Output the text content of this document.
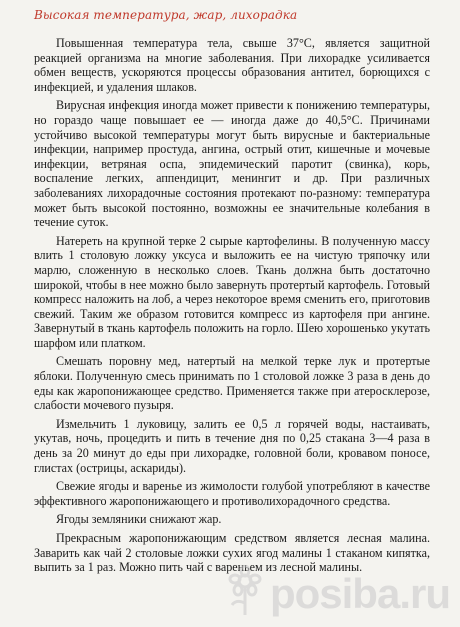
Высокая температура, жар, лихорадка

Повышенная температура тела, свыше 37°С, является защитной реакцией организма на многие заболевания. При лихорадке усиливается обмен веществ, ускоряются процессы образования антител, борющихся с инфекцией, и удаления шлаков.

Вирусная инфекция иногда может привести к понижению температуры, но гораздо чаще повышает ее — иногда даже до 40,5°С. Причинами устойчиво высокой температуры могут быть вирусные и бактериальные инфекции, например простуда, ангина, острый отит, кишечные и мочевые инфекции, ветряная оспа, эпидемический паротит (свинка), корь, воспаление легких, аппендицит, менингит и др. При различных заболеваниях лихорадочные состояния протекают по-разному: температура может быть высокой постоянно, возможны ее значительные колебания в течение суток.

Натереть на крупной терке 2 сырые картофелины. В полученную массу влить 1 столовую ложку уксуса и выложить ее на чистую тряпочку или марлю, сложенную в несколько слоев. Ткань должна быть достаточно широкой, чтобы в нее можно было завернуть протертый картофель. Готовый компресс наложить на лоб, а через некоторое время сменить его, приготовив свежий. Таким же образом готовится компресс из картофеля при ангине. Завернутый в ткань картофель положить на горло. Шею хорошенько укутать шарфом или платком.

Смешать поровну мед, натертый на мелкой терке лук и протертые яблоки. Полученную смесь принимать по 1 столовой ложке 3 раза в день до еды как жаропонижающее средство. Применяется также при атеросклерозе, слабости мочевого пузыря.

Измельчить 1 луковицу, залить ее 0,5 л горячей воды, настаивать, укутав, ночь, процедить и пить в течение дня по 0,25 стакана 3—4 раза в день за 20 минут до еды при лихорадке, головной боли, кровавом поносе, глистах (острицы, аскариды).

Свежие ягоды и варенье из жимолости голубой употребляют в качестве эффективного жаропонижающего и противолихорадочного средства.

Ягоды земляники снижают жар.

Прекрасным жаропонижающим средством является лесная малина. Заварить как чай 2 столовые ложки сухих ягод малины 1 стаканом кипятка, выпить за 1 раз. Можно пить чай с вареньем из лесной малины.

posiba.ru
